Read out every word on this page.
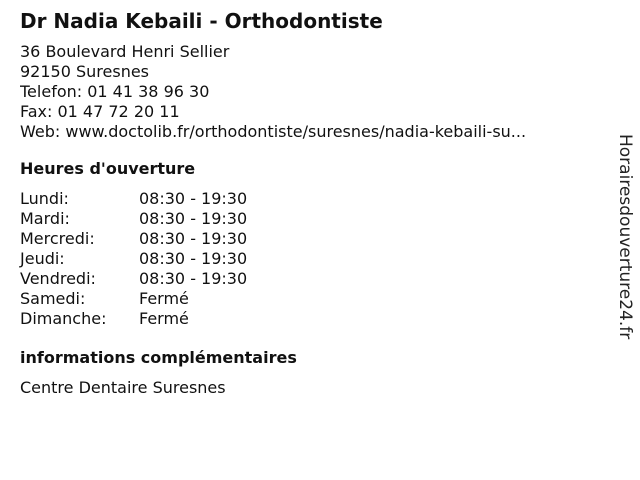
Dr Nadia Kebaili - Orthodontiste
36 Boulevard Henri Sellier
92150 Suresnes
Telefon: 01 41 38 96 30
Fax: 01 47 72 20 11
Web: www.doctolib.fr/orthodontiste/suresnes/nadia-kebaili-su...
Heures d'ouverture
Lundi:	08:30 - 19:30
Mardi:	08:30 - 19:30
Mercredi:	08:30 - 19:30
Jeudi:	08:30 - 19:30
Vendredi:	08:30 - 19:30
Samedi:	Fermé
Dimanche:	Fermé
informations complémentaires
Centre Dentaire Suresnes
Horairesdouverture24.fr
